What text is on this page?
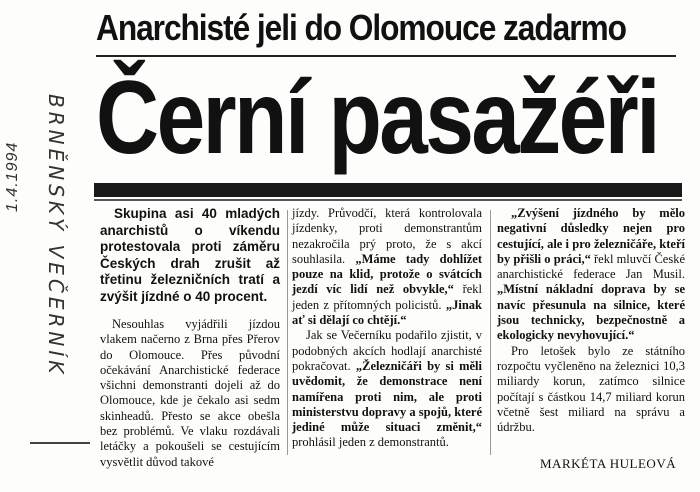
1.4.1994	BRNĚNSKÝ VEČERNÍK
Anarchisté jeli do Olomouce zadarmo
Černí pasažéři

Skupina asi 40 mladých anarchistů o víkendu protestovala proti záměru Českých drah zrušit až třetinu železničních tratí a zvýšit jízdné o 40 procent.

Nesouhlas vyjádřili jízdou vlakem načerno z Brna přes Přerov do Olomouce. Přes původní očekávání Anarchistické federace všichni demonstranti dojeli až do Olomouce, kde je čekalo asi sedm skinheadů. Přesto se akce obešla bez problémů. Ve vlaku rozdávali letáčky a pokoušeli se cestujícím vysvětlit důvod takové

jízdy. Průvodčí, která kontrolovala jízdenky, proti demonstrantům nezakročila prý proto, že s akcí souhlasila. „Máme tady dohlížet pouze na klid, protože o svátcích jezdí víc lidí než obvykle,“ řekl jeden z přítomných policistů. „Jinak ať si dělají co chtějí.“

Jak se Večerníku podařilo zjistit, v podobných akcích hodlají anarchisté pokračovat. „Železničáři by si měli uvědomit, že demonstrace není namířena proti nim, ale proti ministerstvu dopravy a spojů, které jediné může situaci změnit,“ prohlásil jeden z demonstrantů.

„Zvýšení jízdného by mělo negativní důsledky nejen pro cestující, ale i pro železničáře, kteří by přišli o práci,“ řekl mluvčí České anarchistické federace Jan Musil. „Místní nákladní doprava by se navíc přesunula na silnice, které jsou technicky, bezpečnostně a ekologicky nevyhovující.“

Pro letošek bylo ze státního rozpočtu vyčleněno na železnici 10,3 miliardy korun, zatímco silnice počítají s částkou 14,7 miliard korun včetně šest miliard na správu a údržbu.

MARKÉTA HULEOVÁ
